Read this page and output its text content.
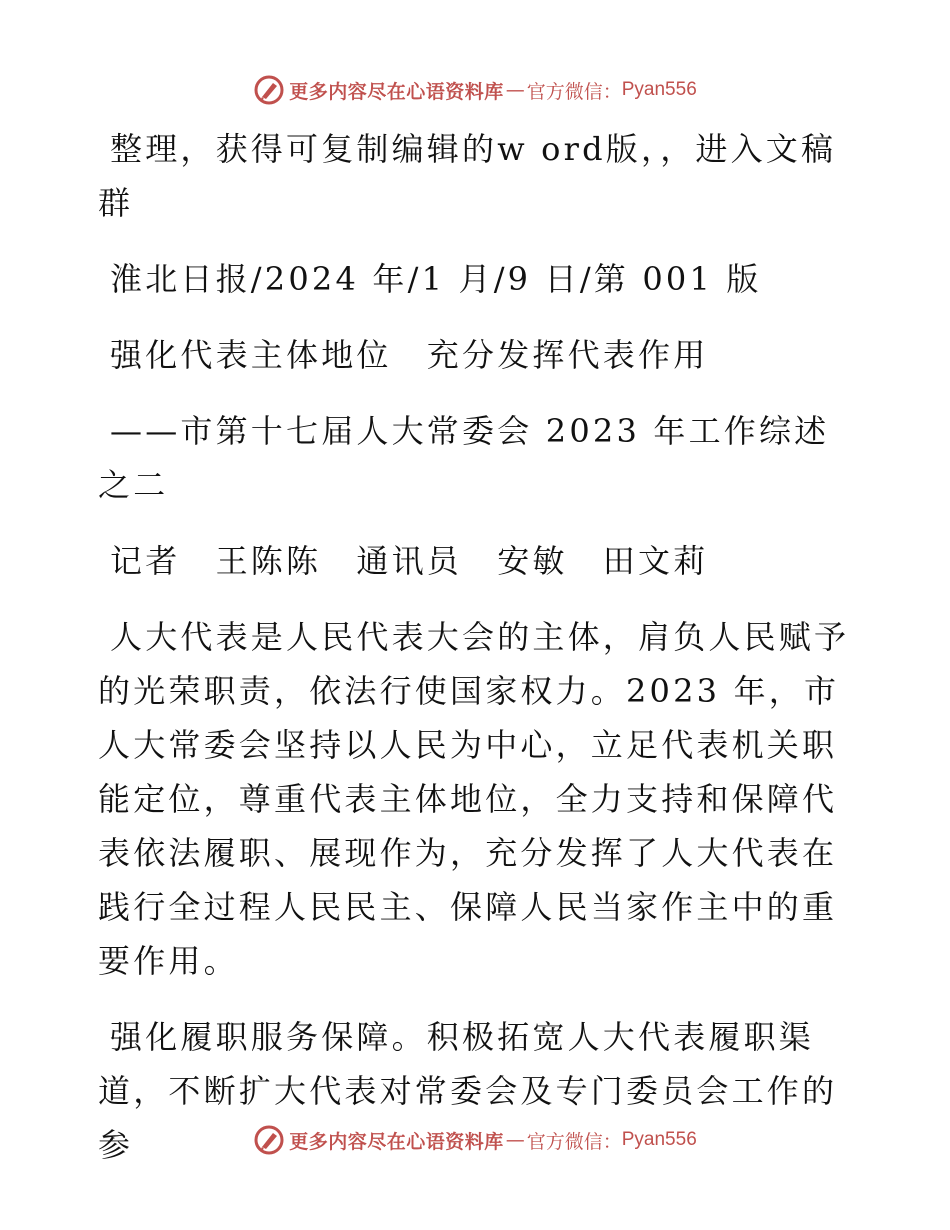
更多内容尽在心语资料库 — 官方微信： Pyan556

整理，获得可复制编辑的w ord版，，进入文稿群

淮北日报/2024 年/1 月/9 日/第 001 版

强化代表主体地位　充分发挥代表作用

——市第十七届人大常委会 2023 年工作综述之二

记者　王陈陈　通讯员　安敏　田文莉

人大代表是人民代表大会的主体，肩负人民赋予的光荣职责，依法行使国家权力。2023 年，市人大常委会坚持以人民为中心，立足代表机关职能定位，尊重代表主体地位，全力支持和保障代表依法履职、展现作为，充分发挥了人大代表在践行全过程人民民主、保障人民当家作主中的重要作用。

强化履职服务保障。积极拓宽人大代表履职渠道，不断扩大代表对常委会及专门委员会工作的参	更多内容尽在心语资料库 — 官方微信： Pyan556
